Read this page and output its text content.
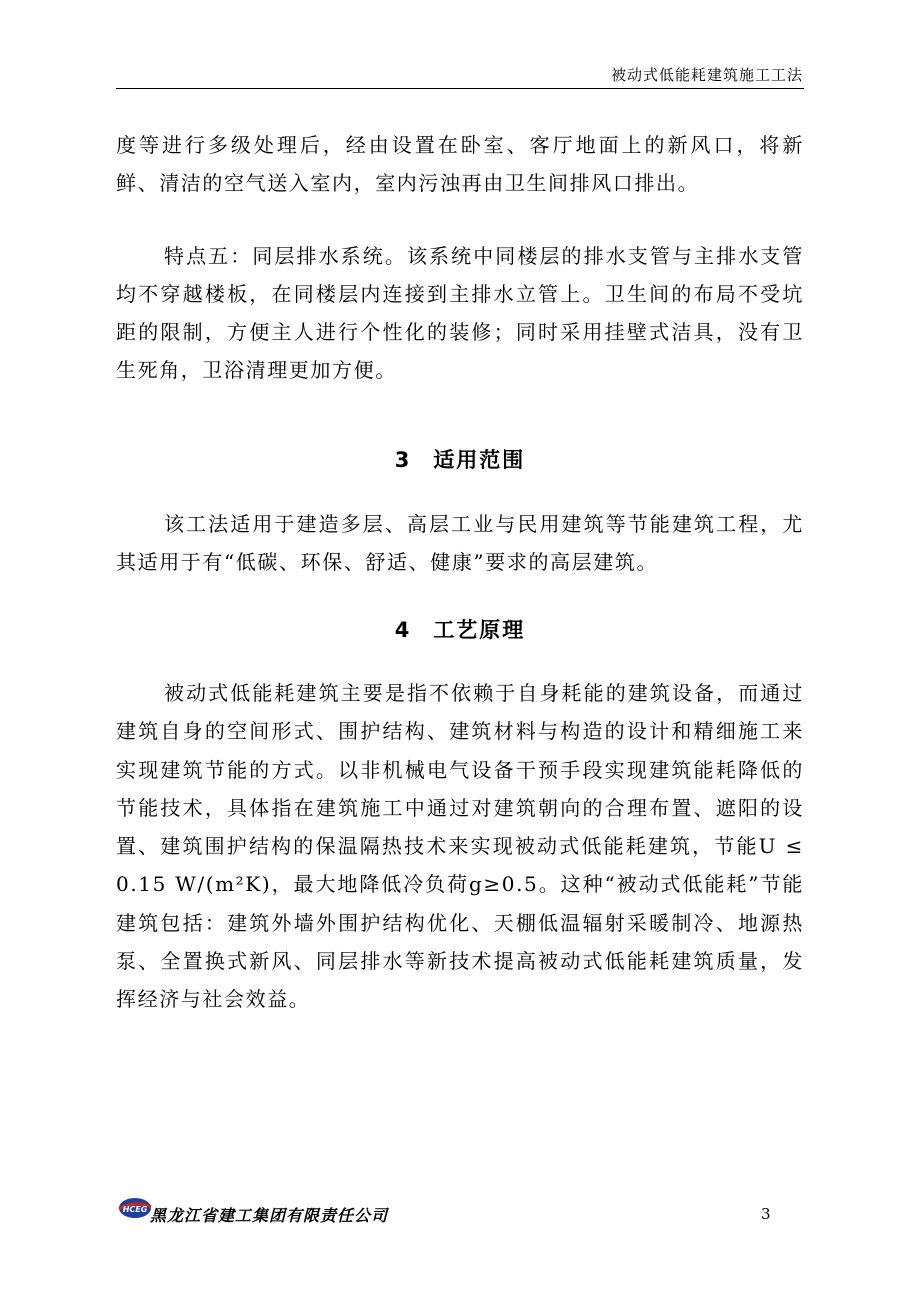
被动式低能耗建筑施工工法
度等进行多级处理后，经由设置在卧室、客厅地面上的新风口，将新鲜、清洁的空气送入室内，室内污浊再由卫生间排风口排出。
特点五：同层排水系统。该系统中同楼层的排水支管与主排水支管均不穿越楼板，在同楼层内连接到主排水立管上。卫生间的布局不受坑距的限制，方便主人进行个性化的装修；同时采用挂壁式洁具，没有卫生死角，卫浴清理更加方便。
3 适用范围
该工法适用于建造多层、高层工业与民用建筑等节能建筑工程，尤其适用于有“低碳、环保、舒适、健康”要求的高层建筑。
4 工艺原理
被动式低能耗建筑主要是指不依赖于自身耗能的建筑设备，而通过建筑自身的空间形式、围护结构、建筑材料与构造的设计和精细施工来实现建筑节能的方式。以非机械电气设备干预手段实现建筑能耗降低的节能技术，具体指在建筑施工中通过对建筑朝向的合理布置、遮阳的设置、建筑围护结构的保温隔热技术来实现被动式低能耗建筑，节能U ≤ 0.15 W/(m²K)，最大地降低冷负荷g≥0.5。这种“被动式低能耗”节能建筑包括：建筑外墙外围护结构优化、天棚低温辐射采暖制冷、地源热泵、全置换式新风、同层排水等新技术提高被动式低能耗建筑质量，发挥经济与社会效益。
HCEG 黑龙江省建工集团有限责任公司	3
